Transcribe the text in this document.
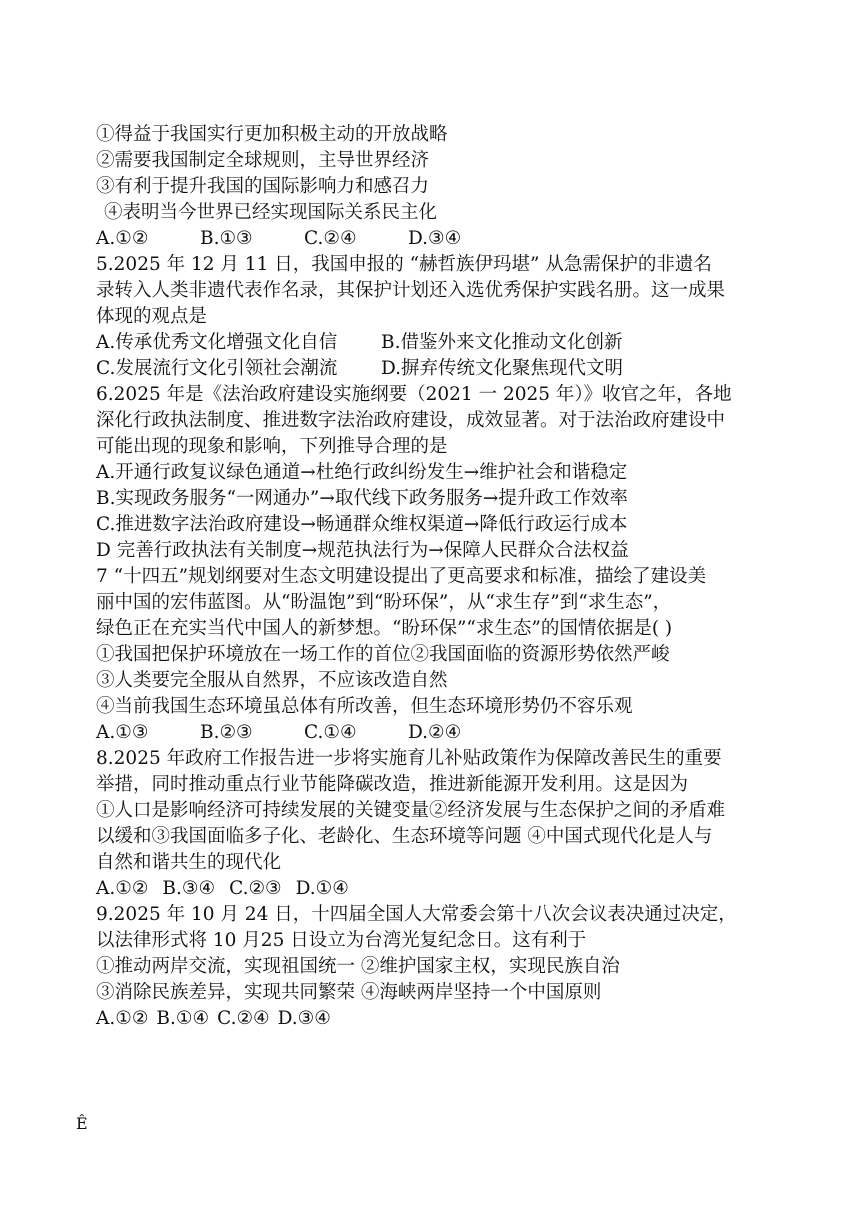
①得益于我国实行更加积极主动的开放战略
②需要我国制定全球规则，主导世界经济
③有利于提升我国的国际影响力和感召力
④表明当今世界已经实现国际关系民主化
A.①②	B.①③	C.②④	D.③④
5.2025 年 12 月 11 日，我国申报的 “赫哲族伊玛堪” 从急需保护的非遗名
录转入人类非遗代表作名录，其保护计划还入选优秀保护实践名册。这一成果
体现的观点是
A.传承优秀文化增强文化自信 B.借鉴外来文化推动文化创新
C.发展流行文化引领社会潮流 D.摒弃传统文化聚焦现代文明
6.2025 年是《法治政府建设实施纲要（2021 一 2025 年）》收官之年，各地
深化行政执法制度、推进数字法治政府建设，成效显著。对于法治政府建设中
可能出现的现象和影响，下列推导合理的是
A.开通行政复议绿色通道→杜绝行政纠纷发生→维护社会和谐稳定
B.实现政务服务“一网通办”→取代线下政务服务→提升政工作效率
C.推进数字法治政府建设→畅通群众维权渠道→降低行政运行成本
D 完善行政执法有关制度→规范执法行为→保障人民群众合法权益
7 “十四五”规划纲要对生态文明建设提出了更高要求和标准，描绘了建设美
丽中国的宏伟蓝图。从“盼温饱”到“盼环保”，从“求生存”到“求生态”，
绿色正在充实当代中国人的新梦想。“盼环保”“求生态”的国情依据是( )
①我国把保护环境放在一场工作的首位②我国面临的资源形势依然严峻
③人类要完全服从自然界，不应该改造自然
④当前我国生态环境虽总体有所改善，但生态环境形势仍不容乐观
A.①③	B.②③	C.①④	D.②④
8.2025 年政府工作报告进一步将实施育儿补贴政策作为保障改善民生的重要
举措，同时推动重点行业节能降碳改造，推进新能源开发利用。这是因为
①人口是影响经济可持续发展的关键变量②经济发展与生态保护之间的矛盾难
以缓和③我国面临多子化、老龄化、生态环境等问题 ④中国式现代化是人与
自然和谐共生的现代化
A.①② B.③④ C.②③ D.①④
9.2025 年 10 月 24 日，十四届全国人大常委会第十八次会议表决通过决定，
以法律形式将 10 月25 日设立为台湾光复纪念日。这有利于
①推动两岸交流，实现祖国统一 ②维护国家主权，实现民族自治
③消除民族差异，实现共同繁荣 ④海峡两岸坚持一个中国原则
A.①② B.①④ C.②④ D.③④
Ê
